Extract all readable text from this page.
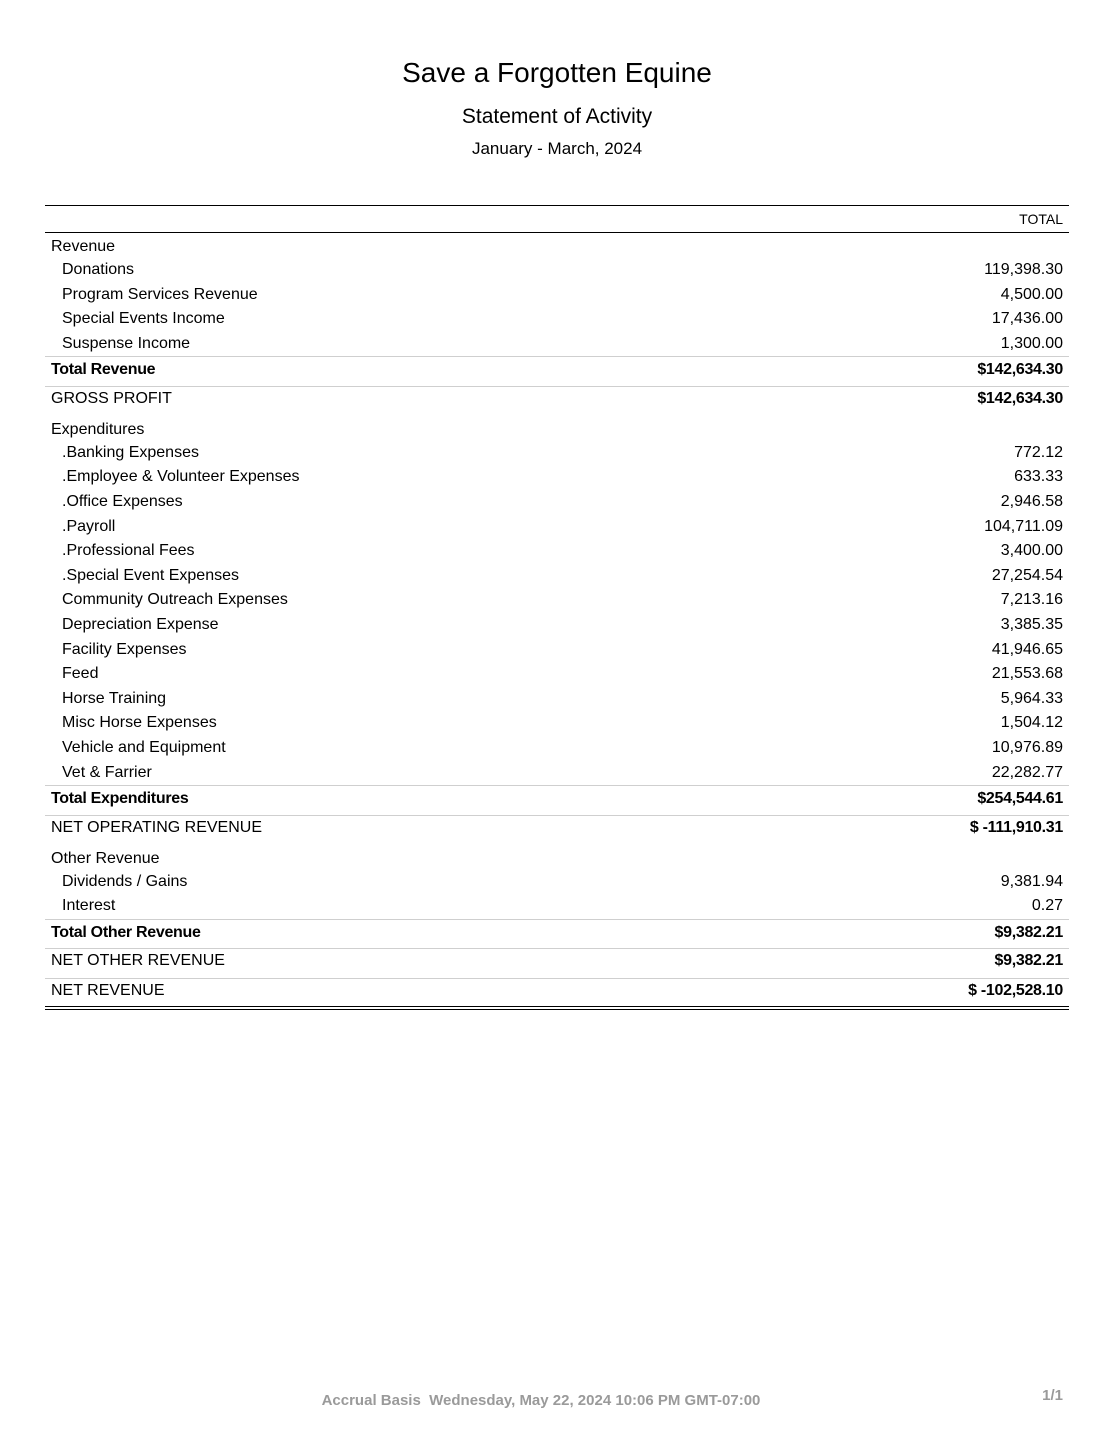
Save a Forgotten Equine
Statement of Activity
January - March, 2024
TOTAL
Revenue
Donations	119,398.30
Program Services Revenue	4,500.00
Special Events Income	17,436.00
Suspense Income	1,300.00
Total Revenue	$142,634.30
GROSS PROFIT	$142,634.30
Expenditures
.Banking Expenses	772.12
.Employee & Volunteer Expenses	633.33
.Office Expenses	2,946.58
.Payroll	104,711.09
.Professional Fees	3,400.00
.Special Event Expenses	27,254.54
Community Outreach Expenses	7,213.16
Depreciation Expense	3,385.35
Facility Expenses	41,946.65
Feed	21,553.68
Horse Training	5,964.33
Misc Horse Expenses	1,504.12
Vehicle and Equipment	10,976.89
Vet & Farrier	22,282.77
Total Expenditures	$254,544.61
NET OPERATING REVENUE	$ -111,910.31
Other Revenue
Dividends / Gains	9,381.94
Interest	0.27
Total Other Revenue	$9,382.21
NET OTHER REVENUE	$9,382.21
NET REVENUE	$ -102,528.10
Accrual Basis  Wednesday, May 22, 2024 10:06 PM GMT-07:00	1/1
